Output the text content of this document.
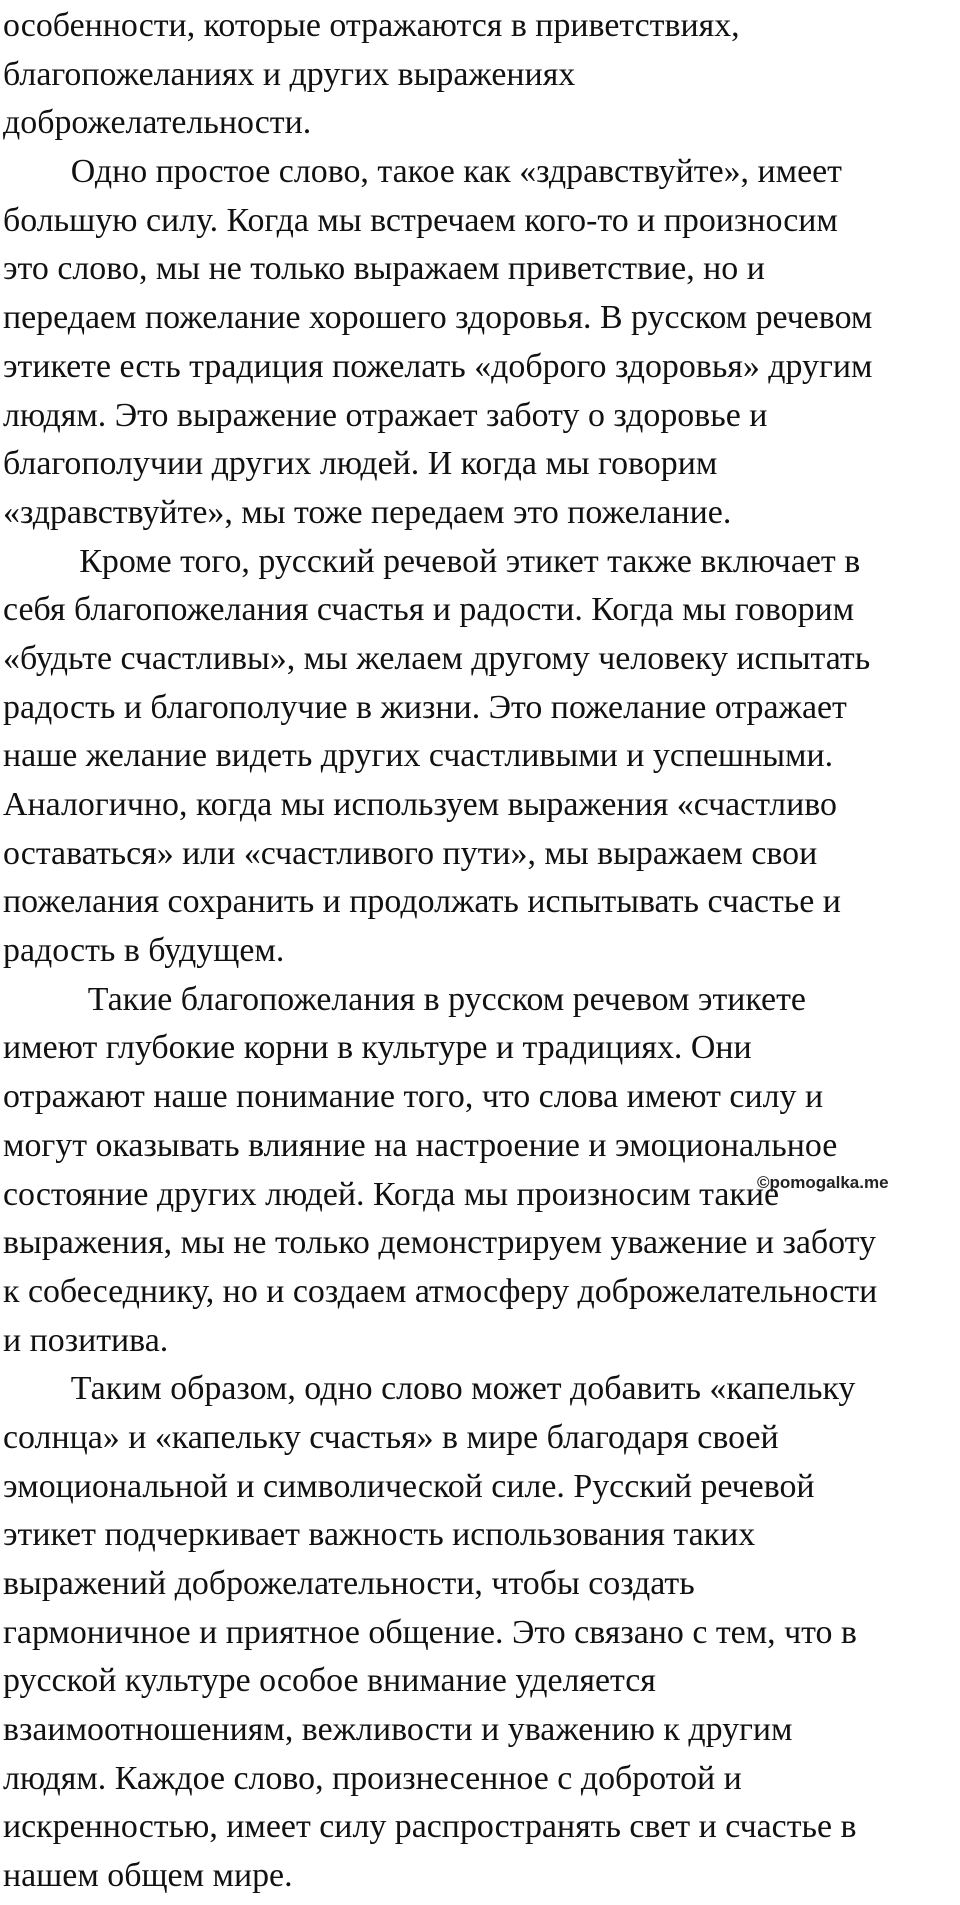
особенности, которые отражаются в приветствиях,
благопожеланиях и других выражениях
доброжелательности.
Одно простое слово, такое как «здравствуйте», имеет
большую силу. Когда мы встречаем кого-то и произносим
это слово, мы не только выражаем приветствие, но и
передаем пожелание хорошего здоровья. В русском речевом
этикете есть традиция пожелать «доброго здоровья» другим
людям. Это выражение отражает заботу о здоровье и
благополучии других людей. И когда мы говорим
«здравствуйте», мы тоже передаем это пожелание.
Кроме того, русский речевой этикет также включает в
себя благопожелания счастья и радости. Когда мы говорим
«будьте счастливы», мы желаем другому человеку испытать
радость и благополучие в жизни. Это пожелание отражает
наше желание видеть других счастливыми и успешными.
Аналогично, когда мы используем выражения «счастливо
оставаться» или «счастливого пути», мы выражаем свои
пожелания сохранить и продолжать испытывать счастье и
радость в будущем.
Такие благопожелания в русском речевом этикете
имеют глубокие корни в культуре и традициях. Они
отражают наше понимание того, что слова имеют силу и
могут оказывать влияние на настроение и эмоциональное
состояние других людей. Когда мы произносим такие
выражения, мы не только демонстрируем уважение и заботу
к собеседнику, но и создаем атмосферу доброжелательности
и позитива.
Таким образом, одно слово может добавить «капельку
солнца» и «капельку счастья» в мире благодаря своей
эмоциональной и символической силе. Русский речевой
этикет подчеркивает важность использования таких
выражений доброжелательности, чтобы создать
гармоничное и приятное общение. Это связано с тем, что в
русской культуре особое внимание уделяется
взаимоотношениям, вежливости и уважению к другим
людям. Каждое слово, произнесенное с добротой и
искренностью, имеет силу распространять свет и счастье в
нашем общем мире.
©pomogalka.me
